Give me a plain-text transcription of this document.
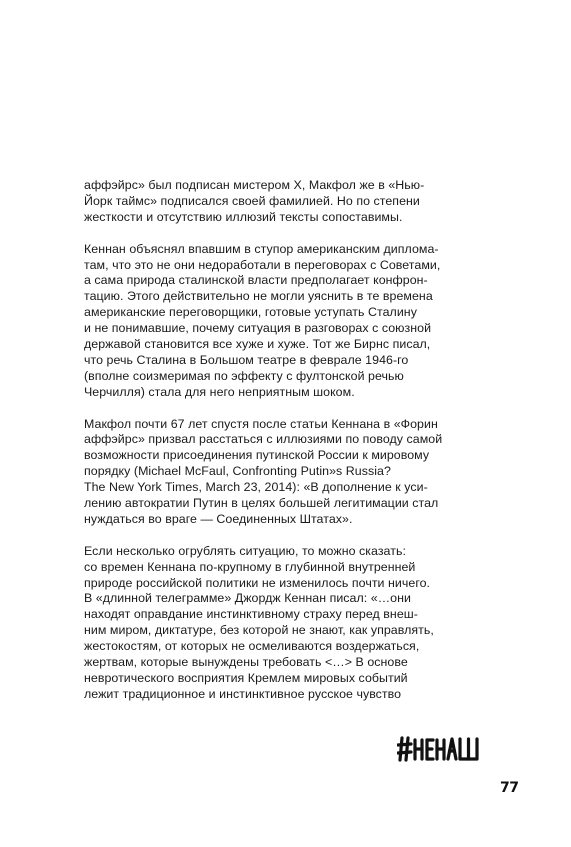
аффэйрс» был подписан мистером X, Макфол же в «Нью-
Йорк таймс» подписался своей фамилией. Но по степени
жесткости и отсутствию иллюзий тексты сопоставимы.

Кеннан объяснял впавшим в ступор американским диплома-
там, что это не они недоработали в переговорах с Советами,
а сама природа сталинской власти предполагает конфрон-
тацию. Этого действительно не могли уяснить в те времена
американские переговорщики, готовые уступать Сталину
и не понимавшие, почему ситуация в разговорах с союзной
державой становится все хуже и хуже. Тот же Бирнс писал,
что речь Сталина в Большом театре в феврале 1946-го
(вполне соизмеримая по эффекту с фултонской речью
Черчилля) стала для него неприятным шоком.

Макфол почти 67 лет спустя после статьи Кеннана в «Форин
аффэйрс» призвал расстаться с иллюзиями по поводу самой
возможности присоединения путинской России к мировому
порядку (Michael McFaul, Confronting Putin»s Russia?
The New York Times, March 23, 2014): «В дополнение к уси-
лению автократии Путин в целях большей легитимации стал
нуждаться во враге — Соединенных Штатах».

Если несколько огрублять ситуацию, то можно сказать:
со времен Кеннана по-крупному в глубинной внутренней
природе российской политики не изменилось почти ничего.
В «длинной телеграмме» Джордж Кеннан писал: «…они
находят оправдание инстинктивному страху перед внеш-
ним миром, диктатуре, без которой не знают, как управлять,
жестокостям, от которых не осмеливаются воздержаться,
жертвам, которые вынуждены требовать <…> В основе
невротического восприятия Кремлем мировых событий
лежит традиционное и инстинктивное русское чувство

77
